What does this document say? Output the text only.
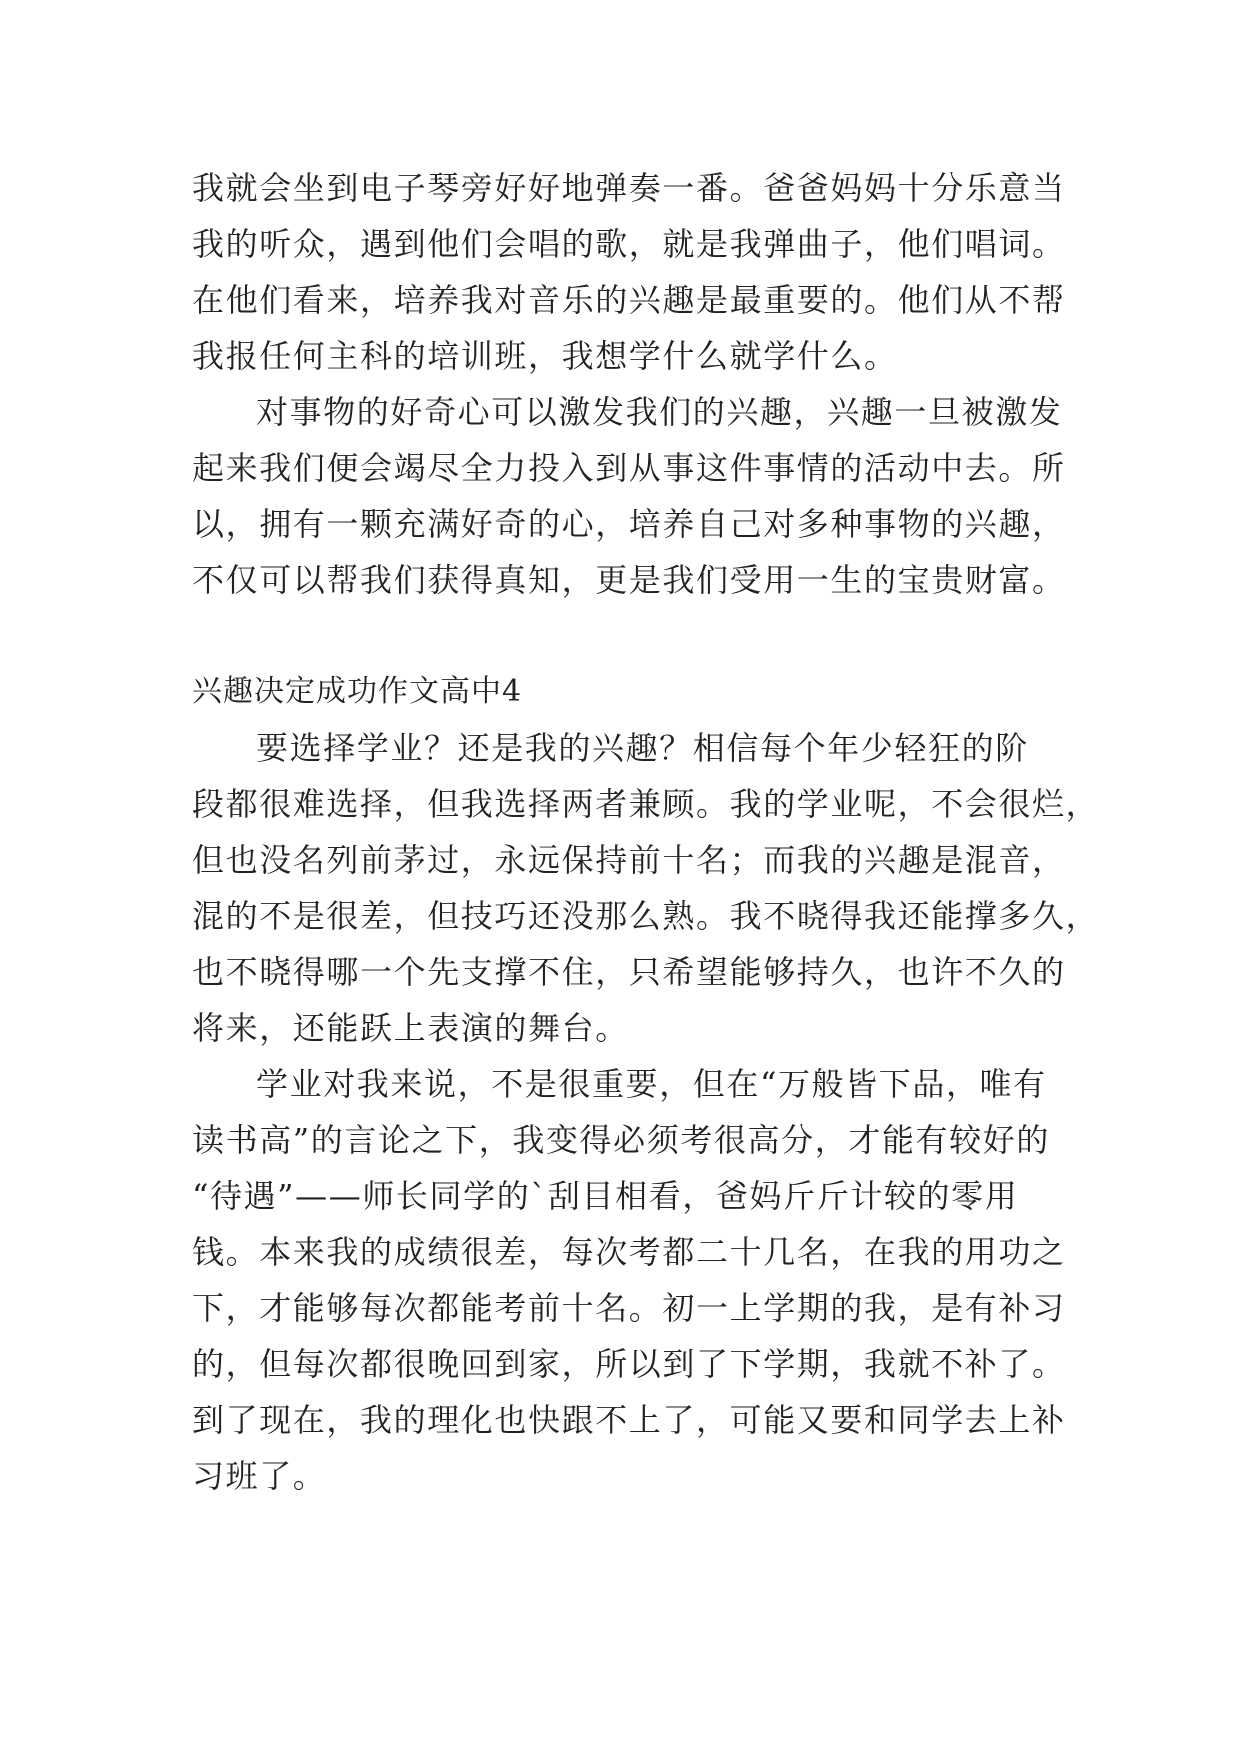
我就会坐到电子琴旁好好地弹奏一番。爸爸妈妈十分乐意当
我的听众，遇到他们会唱的歌，就是我弹曲子，他们唱词。
在他们看来，培养我对音乐的兴趣是最重要的。他们从不帮
我报任何主科的培训班，我想学什么就学什么。
对事物的好奇心可以激发我们的兴趣，兴趣一旦被激发
起来我们便会竭尽全力投入到从事这件事情的活动中去。所
以，拥有一颗充满好奇的心，培养自己对多种事物的兴趣，
不仅可以帮我们获得真知，更是我们受用一生的宝贵财富。
兴趣决定成功作文高中4
要选择学业？还是我的兴趣？相信每个年少轻狂的阶
段都很难选择，但我选择两者兼顾。我的学业呢，不会很烂，
但也没名列前茅过，永远保持前十名；而我的兴趣是混音，
混的不是很差，但技巧还没那么熟。我不晓得我还能撑多久，
也不晓得哪一个先支撑不住，只希望能够持久，也许不久的
将来，还能跃上表演的舞台。
学业对我来说，不是很重要，但在“万般皆下品，唯有
读书高”的言论之下，我变得必须考很高分，才能有较好的
“待遇”——师长同学的`刮目相看，爸妈斤斤计较的零用
钱。本来我的成绩很差，每次考都二十几名，在我的用功之
下，才能够每次都能考前十名。初一上学期的我，是有补习
的，但每次都很晚回到家，所以到了下学期，我就不补了。
到了现在，我的理化也快跟不上了，可能又要和同学去上补
习班了。
